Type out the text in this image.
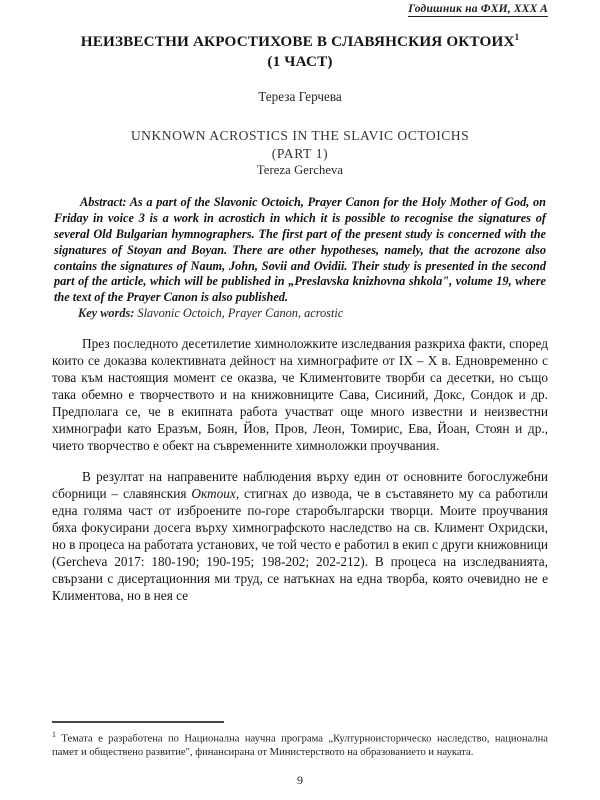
Годишник на ФХИ, XXX A
НЕИЗВЕСТНИ АКРОСТИХОВЕ В СЛАВЯНСКИЯ ОКТОИХ$^1$
(1 ЧАСТ)
Тереза Герчева
UNKNOWN ACROSTICS IN THE SLAVIC OCTOICHS
(PART 1)
Tereza Gercheva
Abstract: As a part of the Slavonic Octoich, Prayer Canon for the Holy Mother of God, on Friday in voice 3 is a work in acrostich in which it is possible to recognise the signatures of several Old Bulgarian hymnographers. The first part of the present study is concerned with the signatures of Stoyan and Boyan. There are other hypotheses, namely, that the acrozone also contains the signatures of Naum, John, Sovii and Ovidii. Their study is presented in the second part of the article, which will be published in „Preslavska knizhovna shkola", volume 19, where the text of the Prayer Canon is also published.
Key words: Slavonic Octoich, Prayer Canon, acrostic

През последното десетилетие химноложките изследвания разкриха факти, според които се доказва колективната дейност на химнографите от IX – X в. Едновременно с това към настоящия момент се оказва, че Климентовите творби са десетки, но също така обемно е творчеството и на книжовниците Сава, Сисиний, Докс, Сондок и др. Предполага се, че в екипната работа участват още много известни и неизвестни химнографи като Еразъм, Боян, Йов, Пров, Леон, Томирис, Ева, Йоан, Стоян и др., чието творчество е обект на съвременните химноложки проучвания.

В резултат на направените наблюдения върху един от основните богослужебни сборници – славянския Октоих, стигнах до извода, че в съставянето му са работили една голяма част от изброените по-горе старобългарски творци. Моите проучвания бяха фокусирани досега върху химнографското наследство на св. Климент Охридски, но в процеса на работата установих, че той често е работил в екип с други книжовници (Gercheva 2017: 180-190; 190-195; 198-202; 202-212). В процеса на изследванията, свързани с дисертационния ми труд, се натъкнах на една творба, която очевидно не е Климентова, но в нея се

$^1$ Темата е разработена по Национална научна програма „Културноисторическо наследство, национална памет и обществено развитие", финансирана от Министерството на образованието и науката.
9
